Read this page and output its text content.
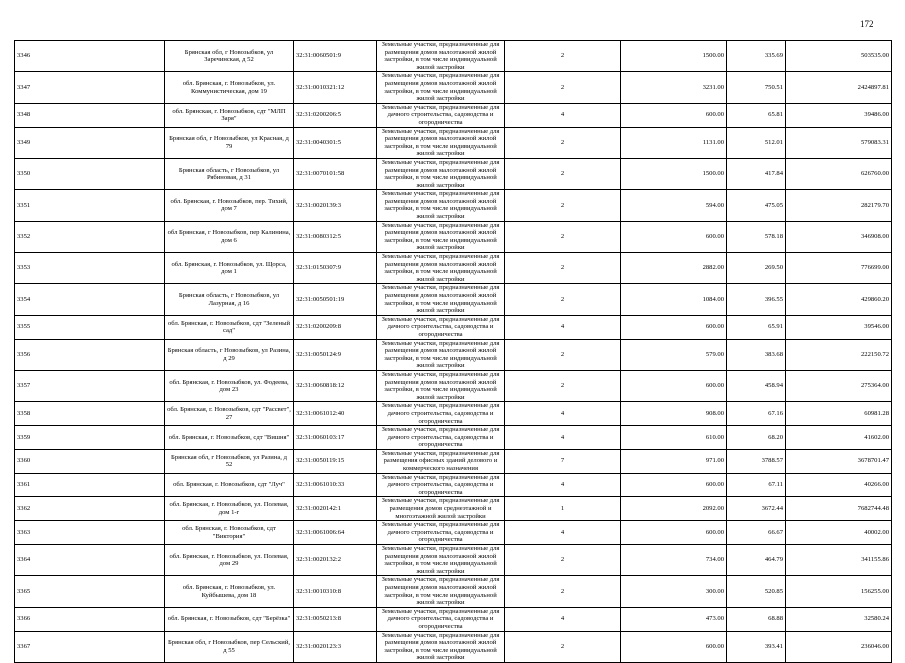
172
3346	Брянская обл, г Новозыбков, ул Заречинская, д 52	32:31:0060501:9	Земельные участки, предназначенные для размещения домов малоэтажной жилой застройки, в том числе индивидуальной жилой застройки	2	1500.00	335.69	503535.00
3347	обл. Брянская, г. Новозыбков, ул. Коммунистическая, дом 19	32:31:0010321:12	Земельные участки, предназначенные для размещения домов малоэтажной жилой застройки, в том числе индивидуальной жилой застройки	2	3231.00	750.51	2424897.81
3348	обл. Брянская, г. Новозыбков, сдт "МЛП Заря"	32:31:0200206:5	Земельные участки, предназначенные для дачного строительства, садоводства и огородничества	4	600.00	65.81	39486.00
3349	Брянская обл, г Новозыбков, ул Красная, д 79	32:31:0040301:5	Земельные участки, предназначенные для размещения домов малоэтажной жилой застройки, в том числе индивидуальной жилой застройки	2	1131.00	512.01	579083.31
3350	Брянская область, г Новозыбков, ул Рябиновая, д 31	32:31:0070101:58	Земельные участки, предназначенные для размещения домов малоэтажной жилой застройки, в том числе индивидуальной жилой застройки	2	1500.00	417.84	626760.00
3351	обл. Брянская, г. Новозыбков, пер. Тихий, дом 7	32:31:0020139:3	Земельные участки, предназначенные для размещения домов малоэтажной жилой застройки, в том числе индивидуальной жилой застройки	2	594.00	475.05	282179.70
3352	обл Брянская, г Новозыбков, пер Калинина, дом 6	32:31:0080312:5	Земельные участки, предназначенные для размещения домов малоэтажной жилой застройки, в том числе индивидуальной жилой застройки	2	600.00	578.18	346908.00
3353	обл. Брянская, г. Новозыбков, ул. Щорса, дом 1	32:31:0150307:9	Земельные участки, предназначенные для размещения домов малоэтажной жилой застройки, в том числе индивидуальной жилой застройки	2	2882.00	269.50	776699.00
3354	Брянская область, г Новозыбков, ул Лазурная, д 16	32:31:0050501:19	Земельные участки, предназначенные для размещения домов малоэтажной жилой застройки, в том числе индивидуальной жилой застройки	2	1084.00	396.55	429860.20
3355	обл. Брянская, г. Новозыбков, сдт "Зеленый сад"	32:31:0200209:8	Земельные участки, предназначенные для дачного строительства, садоводства и огородничества	4	600.00	65.91	39546.00
3356	Брянская область, г Новозыбков, ул Разина, д 29	32:31:0050124:9	Земельные участки, предназначенные для размещения домов малоэтажной жилой застройки, в том числе индивидуальной жилой застройки	2	579.00	383.68	222150.72
3357	обл. Брянская, г. Новозыбков, ул. Фодеева, дом 23	32:31:0060818:12	Земельные участки, предназначенные для размещения домов малоэтажной жилой застройки, в том числе индивидуальной жилой застройки	2	600.00	458.94	275364.00
3358	обл. Брянская, г. Новозыбков, сдт "Рассвет", 27	32:31:0061012:40	Земельные участки, предназначенные для дачного строительства, садоводства и огородничества	4	908.00	67.16	60981.28
3359	обл. Брянская, г. Новозыбков, сдт "Вишня"	32:31:0060103:17	Земельные участки, предназначенные для дачного строительства, садоводства и огородничества	4	610.00	68.20	41602.00
3360	Брянская обл, г Новозыбков, ул Разина, д 52	32:31:0050119:15	Земельные участки, предназначенные для размещения офисных зданий делового и коммерческого назначения	7	971.00	3788.57	3678701.47
3361	обл. Брянская, г. Новозыбков, сдт "Луч"	32:31:0061010:33	Земельные участки, предназначенные для дачного строительства, садоводства и огородничества	4	600.00	67.11	40266.00
3362	обл. Брянская, г. Новозыбков, ул. Полевая, дом 1-г	32:31:0020142:1	Земельные участки, предназначенные для размещения домов среднеэтажной и многоэтажной жилой застройки	1	2092.00	3672.44	7682744.48
3363	обл. Брянская, г. Новозыбков, сдт "Виктория"	32:31:0061006:64	Земельные участки, предназначенные для дачного строительства, садоводства и огородничества	4	600.00	66.67	40002.00
3364	обл. Брянская, г. Новозыбков, ул. Полевая, дом 29	32:31:0020132:2	Земельные участки, предназначенные для размещения домов малоэтажной жилой застройки, в том числе индивидуальной жилой застройки	2	734.00	464.79	341155.86
3365	обл. Брянская, г. Новозыбков, ул. Куйбышева, дом 18	32:31:0010310:8	Земельные участки, предназначенные для размещения домов малоэтажной жилой застройки, в том числе индивидуальной жилой застройки	2	300.00	520.85	156255.00
3366	обл. Брянская, г. Новозыбков, сдт "Берёзка"	32:31:0050213:8	Земельные участки, предназначенные для дачного строительства, садоводства и огородничества	4	473.00	68.88	32580.24
3367	Брянская обл, г Новозыбков, пер Сельский, д 55	32:31:0020123:3	Земельные участки, предназначенные для размещения домов малоэтажной жилой застройки, в том числе индивидуальной жилой застройки	2	600.00	393.41	236046.00
